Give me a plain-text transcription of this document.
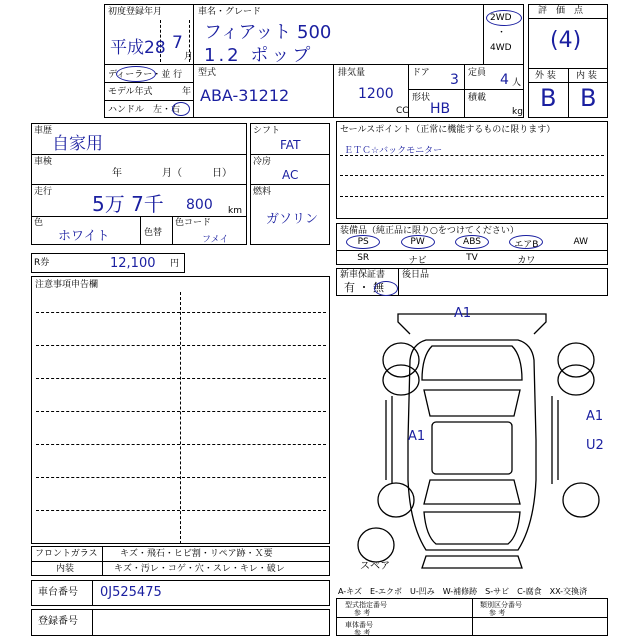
初度登録年月
平成28 7
月
車名・グレード
フィアット 500
1.2 ポップ
2WD
・
4WD
ディーラー・並 行
モデル年式	年
ハンドル　左・右
型式
ABA-31212
排気量
1200
CC
ドア 3 定員 4 人
形状
HB
積載
kg
評　価　点
(4)
外 装 内 装
B B
車歴
自家用
車検
年　　　　月（　　　日）
走行 5万 7千 800 km
色
ホワイト	色替
色コード
フメイ
シフト
FAT
冷房
AC
燃料
ガソリン
R券	12,100 円
セールスポイント（正常に機能するものに限ります）
ＥＴＣ☆バックモニター
装備品（純正品に限り○をつけてください）
新車保証書
有 ・ 無
後日品
注意事項申告欄
A1
A1
A1
U2
スペア
フロントガラス	キズ・飛石・ヒビ割・リペア跡・Ｘ要
内装	キズ・汚レ・コゲ・穴・スレ・キレ・破レ
A-キズ　E-エクボ　U-凹み　W-補修跡　S-サビ　C-腐食　XX-交換済
車台番号 0J525475
登録番号
型式指定番号
参 考
類別区分番号
参 考
車体番号
参 考
PS	PW	ABS	エアB	AW
SR	ナビ	TV	カワ
